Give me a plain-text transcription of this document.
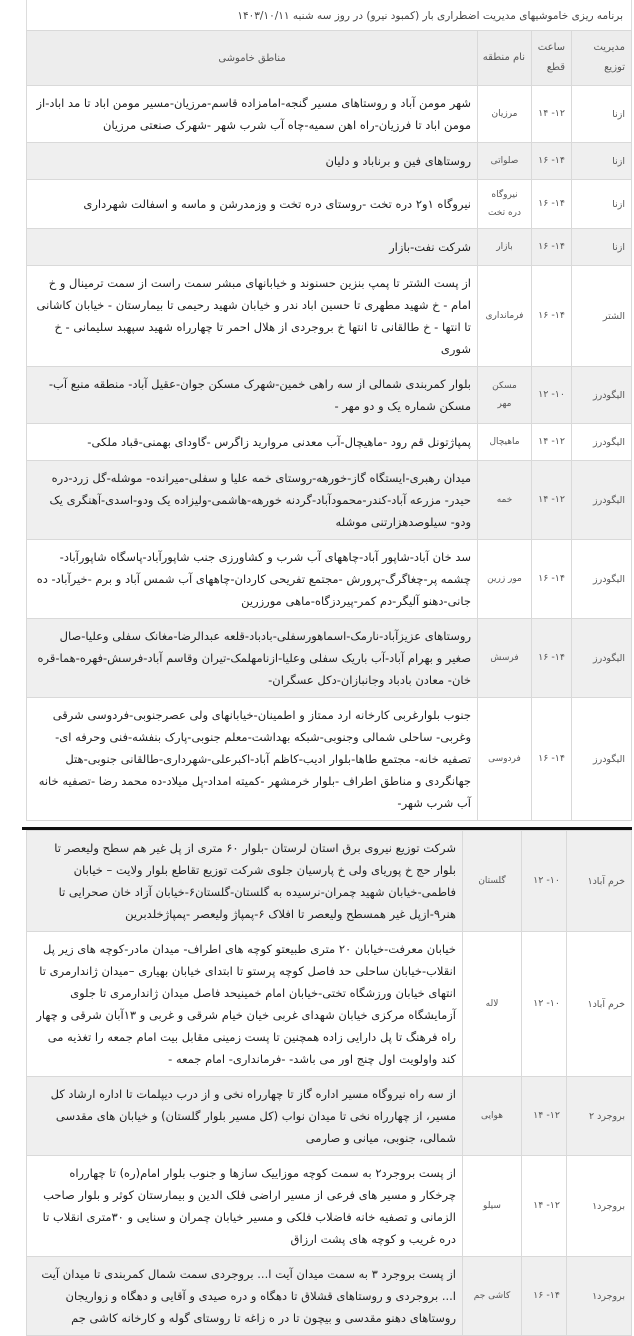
برنامه ریزی خاموشیهای مدیریت اضطراری بار (کمبود نیرو) در روز سه شنبه ۱۴۰۳/۱۰/۱۱
مدیریت توزیع	ساعت قطع	نام منطقه	مناطق خاموشی
ازنا	۱۲- ۱۴	مرزیان	شهر مومن آباد و روستاهای مسیر گنجه-امامزاده قاسم-مرزیان-مسیر مومن اباد تا مد اباد-از مومن اباد تا فرزیان-راه اهن سمیه-چاه آب شرب شهر -شهرک صنعتی مرزیان
ازنا	۱۴- ۱۶	صلواتی	روستاهای فین و برناباد و دلیان
ازنا	۱۴- ۱۶	نیروگاه دره تخت	نیروگاه ۱و۲ دره تخت -روستای دره تخت و وزمدرشن و ماسه و اسفالت شهرداری
ازنا	۱۴- ۱۶	بازار	شرکت نفت-بازار
الشتر	۱۴- ۱۶	فرمانداری	از پست الشتر تا پمپ بنزین حسنوند و خیابانهای مبشر سمت راست از سمت ترمینال و خ امام - خ شهید مطهری تا حسین اباد ندر و خیابان شهید رحیمی تا بیمارستان - خیابان کاشانی تا انتها - خ طالقانی تا انتها خ بروجردی از هلال احمر تا چهارراه شهید سپهبد سلیمانی - خ شوری
الیگودرز	۱۰- ۱۲	مسکن مهر	بلوار کمربندی شمالی از سه راهی خمین-شهرک مسکن جوان-عقیل آباد- منطقه منبع آب- مسکن شماره یک و دو مهر -
الیگودرز	۱۲- ۱۴	ماهیچال	پمپاژتونل قم رود -ماهیچال-آب معدنی مروارید زاگرس -گاودای بهمنی-قباد ملکی-
الیگودرز	۱۲- ۱۴	خمه	میدان رهبری-ایستگاه گاز-خورهه-روستای خمه علیا و سفلی-میرانده- موشله-گل زرد-دره حیدر- مزرعه آباد-کندر-محمودآباد-گردنه خورهه-هاشمی-ولیزاده یک ودو-اسدی-آهنگری یک ودو- سیلوصدهزارتنی موشله
الیگودرز	۱۴- ۱۶	مور زرین	سد خان آباد-شاپور آباد-چاههای آب شرب و کشاورزی جنب شاپورآباد-پاسگاه شاپورآباد- چشمه پر-چغاگرگ-پرورش -مجتمع تفریحی کاردان-چاههای آب شمس آباد و برم -خیرآباد- ده جانی-دهنو آلیگر-دم کمر-پیردزگاه-ماهی مورزرین
الیگودرز	۱۴- ۱۶	فرسش	روستاهای عزیزآباد-نارمک-اسماهورسفلی-بادباد-قلعه عبدالرضا-مغانک سفلی وعلیا-صال صغیر و بهرام آباد-آب باریک سفلی وعلیا-ازنامهلمک-تیران وقاسم آباد-فرسش-فهره-هما-قره خان- معادن بادباد وجانبازان-دکل عسگران-
الیگودرز	۱۴- ۱۶	فردوسی	جنوب بلوارغربی کارخانه ارد ممتاز و اطمینان-خیابانهای ولی عصرجنوبی-فردوسی شرقی وغربی- ساحلی شمالی وجنوبی-شبکه بهداشت-معلم جنوبی-پارک بنفشه-فنی وحرفه ای-تصفیه خانه- مجتمع طاها-بلوار ادیب-کاظم آباد-اکبرعلی-شهرداری-طالقانی جنوبی-هتل جهانگردی و مناطق اطراف -بلوار خرمشهر -کمیته امداد-پل میلاد-ده محمد رضا -تصفیه خانه آب شرب شهر-
خرم آباد۱	۱۰- ۱۲	گلستان	شرکت توزیع نیروی برق استان لرستان -بلوار ۶۰ متری از پل غیر هم سطح ولیعصر تا بلوار حج خ پوریای ولی خ پارسیان جلوی شرکت توزیع تقاطع بلوار ولایت – خیابان فاطمی-خیابان شهید چمران-نرسیده به گلستان-گلستان۶-خیابان آزاد خان صحرایی تا هنر۹-ازپل غیر همسطح ولیعصر تا افلاک ۶-پمپاژ ولیعصر -پمپاژخلدبرین
خرم آباد۱	۱۰- ۱۲	لاله	خیابان معرفت-خیابان ۲۰ متری طبیعتو کوچه های اطراف- میدان مادر-کوچه های زیر پل انقلاب-خیابان ساحلی حد فاصل کوچه پرستو تا ابتدای خیابان بهیاری –میدان ژاندارمری تا انتهای خیابان ورزشگاه تختی-خیابان امام خمینیحد فاصل میدان ژاندارمری تا جلوی آزمایشگاه مرکزی خیابان شهدای غربی خیان خیام شرقی و غربی و ۱۳آبان شرقی و چهار راه فرهنگ تا پل دارایی زاده همچنین تا پست زمینی مقابل بیت امام جمعه را تغذیه می کند واولویت اول چنج اور می باشد- -فرمانداری- امام جمعه -
بروجرد ۲	۱۲- ۱۴	هوایی	از سه راه نیروگاه مسیر اداره گاز تا چهارراه نخی و از درب دیپلمات تا اداره ارشاد کل مسیر، از چهارراه نخی تا میدان نواب (کل مسیر بلوار گلستان) و خیابان های مقدسی شمالی، جنوبی، میانی و صارمی
بروجرد۱	۱۲- ۱۴	سیلو	از پست بروجرد۲ به سمت کوچه موزاییک سازها و جنوب بلوار امام(ره) تا چهارراه چرخکار و مسیر های فرعی از مسیر اراضی فلک الدین و بیمارستان کوثر و بلوار صاحب الزمانی و تصفیه خانه فاضلاب فلکی و مسیر خیابان چمران و سنایی و ۳۰متری انقلاب تا دره غریب و کوچه های پشت ارزاق
بروجرد۱	۱۴- ۱۶	کاشی جم	از پست بروجرد ۳ به سمت میدان آیت ا... بروجردی سمت شمال کمربندی تا میدان آیت ا... بروجردی و روستاهای قشلاق تا دهگاه و دره صیدی و آقایی و دهگاه و زواریجان روستاهای دهنو مقدسی و بیچون تا در ه زاغه تا روستای گوله و کارخانه کاشی جم
